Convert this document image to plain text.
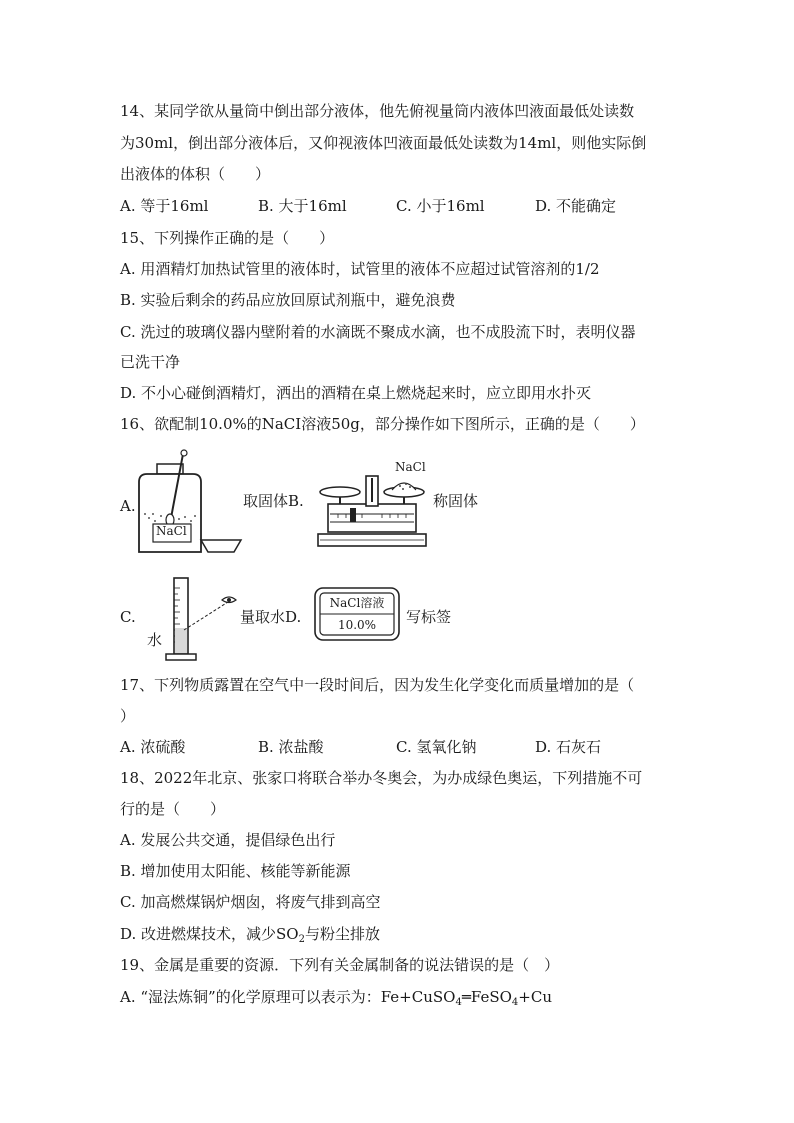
14、某同学欲从量筒中倒出部分液体，他先俯视量筒内液体凹液面最低处读数
为30ml，倒出部分液体后，又仰视液体凹液面最低处读数为14ml，则他实际倒
出液体的体积（　　）
A. 等于16ml	B. 大于16ml	C. 小于16ml	D. 不能确定
15、下列操作正确的是（　　）
A. 用酒精灯加热试管里的液体时，试管里的液体不应超过试管溶剂的1/2
B. 实验后剩余的药品应放回原试剂瓶中，避免浪费
C. 洗过的玻璃仪器内壁附着的水滴既不聚成水滴，也不成股流下时，表明仪器
已洗干净
D. 不小心碰倒酒精灯，洒出的酒精在桌上燃烧起来时，应立即用水扑灭
16、欲配制10.0%的NaCI溶液50g，部分操作如下图所示，正确的是（　　）
A.
NaCl
取固体B.
NaCl
称固体
C.
水
量取水D.
NaCl溶液
10.0%	写标签
17、下列物质露置在空气中一段时间后，因为发生化学变化而质量增加的是（
）
A. 浓硫酸	B. 浓盐酸	C. 氢氧化钠	D. 石灰石
18、2022年北京、张家口将联合举办冬奥会，为办成绿色奥运，下列措施不可
行的是（　　）
A. 发展公共交通，提倡绿色出行
B. 增加使用太阳能、核能等新能源
C. 加高燃煤锅炉烟囱，将废气排到高空
D. 改进燃煤技术，减少$SO_2$与粉尘排放
19、金属是重要的资源．下列有关金属制备的说法错误的是（　）
A. “湿法炼铜”的化学原理可以表示为：Fe+CuSO$_4$═FeSO$_4$+Cu
